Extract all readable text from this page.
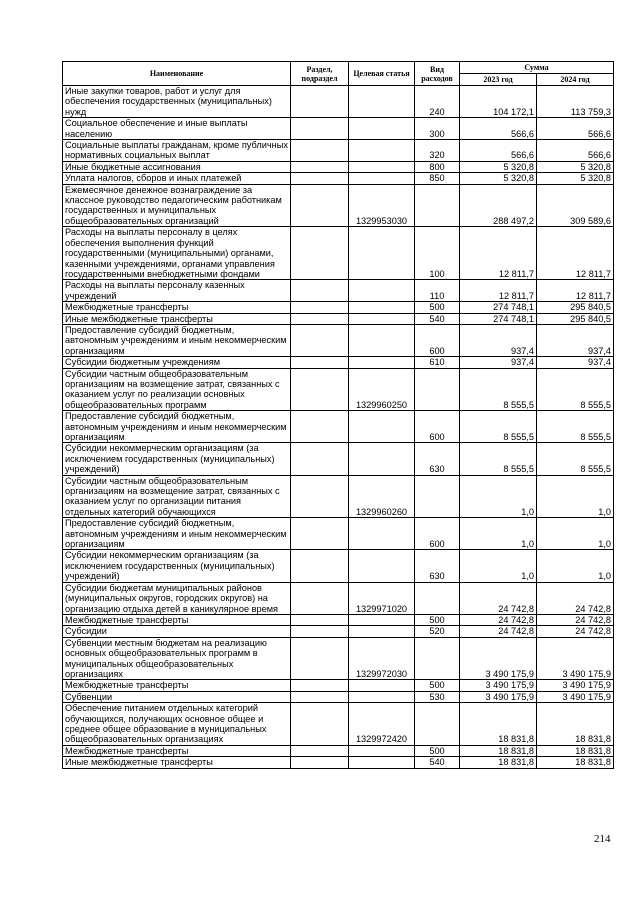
Наименование	Раздел, подраздел	Целевая статья	Вид расходов	Сумма	
				2023 год	2024 год
Иные закупки товаров, работ и услуг для обеспечения государственных (муниципальных) нужд			240	104 172,1	113 759,3
Социальное обеспечение и иные выплаты населению			300	566,6	566,6
Социальные выплаты гражданам, кроме публичных нормативных социальных выплат			320	566,6	566,6
Иные бюджетные ассигнования			800	5 320,8	5 320,8
Уплата налогов, сборов и иных платежей			850	5 320,8	5 320,8
Ежемесячное денежное вознаграждение за классное руководство педагогическим работникам государственных и муниципальных общеобразовательных организаций		1329953030		288 497,2	309 589,6
Расходы на выплаты персоналу в целях обеспечения выполнения функций государственными (муниципальными) органами, казенными учреждениями, органами управления государственными внебюджетными фондами			100	12 811,7	12 811,7
Расходы на выплаты персоналу казенных учреждений			110	12 811,7	12 811,7
Межбюджетные трансферты			500	274 748,1	295 840,5
Иные межбюджетные трансферты			540	274 748,1	295 840,5
Предоставление субсидий бюджетным, автономным учреждениям и иным некоммерческим организациям			600	937,4	937,4
Субсидии бюджетным учреждениям			610	937,4	937,4
Субсидии частным общеобразовательным организациям на возмещение затрат, связанных с оказанием услуг по реализации основных общеобразовательных программ		1329960250		8 555,5	8 555,5
Предоставление субсидий бюджетным, автономным учреждениям и иным некоммерческим организациям			600	8 555,5	8 555,5
Субсидии некоммерческим организациям (за исключением государственных (муниципальных) учреждений)			630	8 555,5	8 555,5
Субсидии частным общеобразовательным организациям на возмещение затрат, связанных с оказанием услуг по организации питания отдельных категорий обучающихся		1329960260		1,0	1,0
Предоставление субсидий бюджетным, автономным учреждениям и иным некоммерческим организациям			600	1,0	1,0
Субсидии некоммерческим организациям (за исключением государственных (муниципальных) учреждений)			630	1,0	1,0
Субсидии бюджетам муниципальных районов (муниципальных округов, городских округов) на организацию отдыха детей в каникулярное время		1329971020		24 742,8	24 742,8
Межбюджетные трансферты			500	24 742,8	24 742,8
Субсидии			520	24 742,8	24 742,8
Субвенции местным бюджетам на реализацию основных общеобразовательных программ в муниципальных общеобразовательных организациях		1329972030		3 490 175,9	3 490 175,9
Межбюджетные трансферты			500	3 490 175,9	3 490 175,9
Субвенции			530	3 490 175,9	3 490 175,9
Обеспечение питанием отдельных категорий обучающихся, получающих основное общее и среднее общее образование в муниципальных общеобразовательных организациях		1329972420		18 831,8	18 831,8
Межбюджетные трансферты			500	18 831,8	18 831,8
Иные межбюджетные трансферты			540	18 831,8	18 831,8
214
